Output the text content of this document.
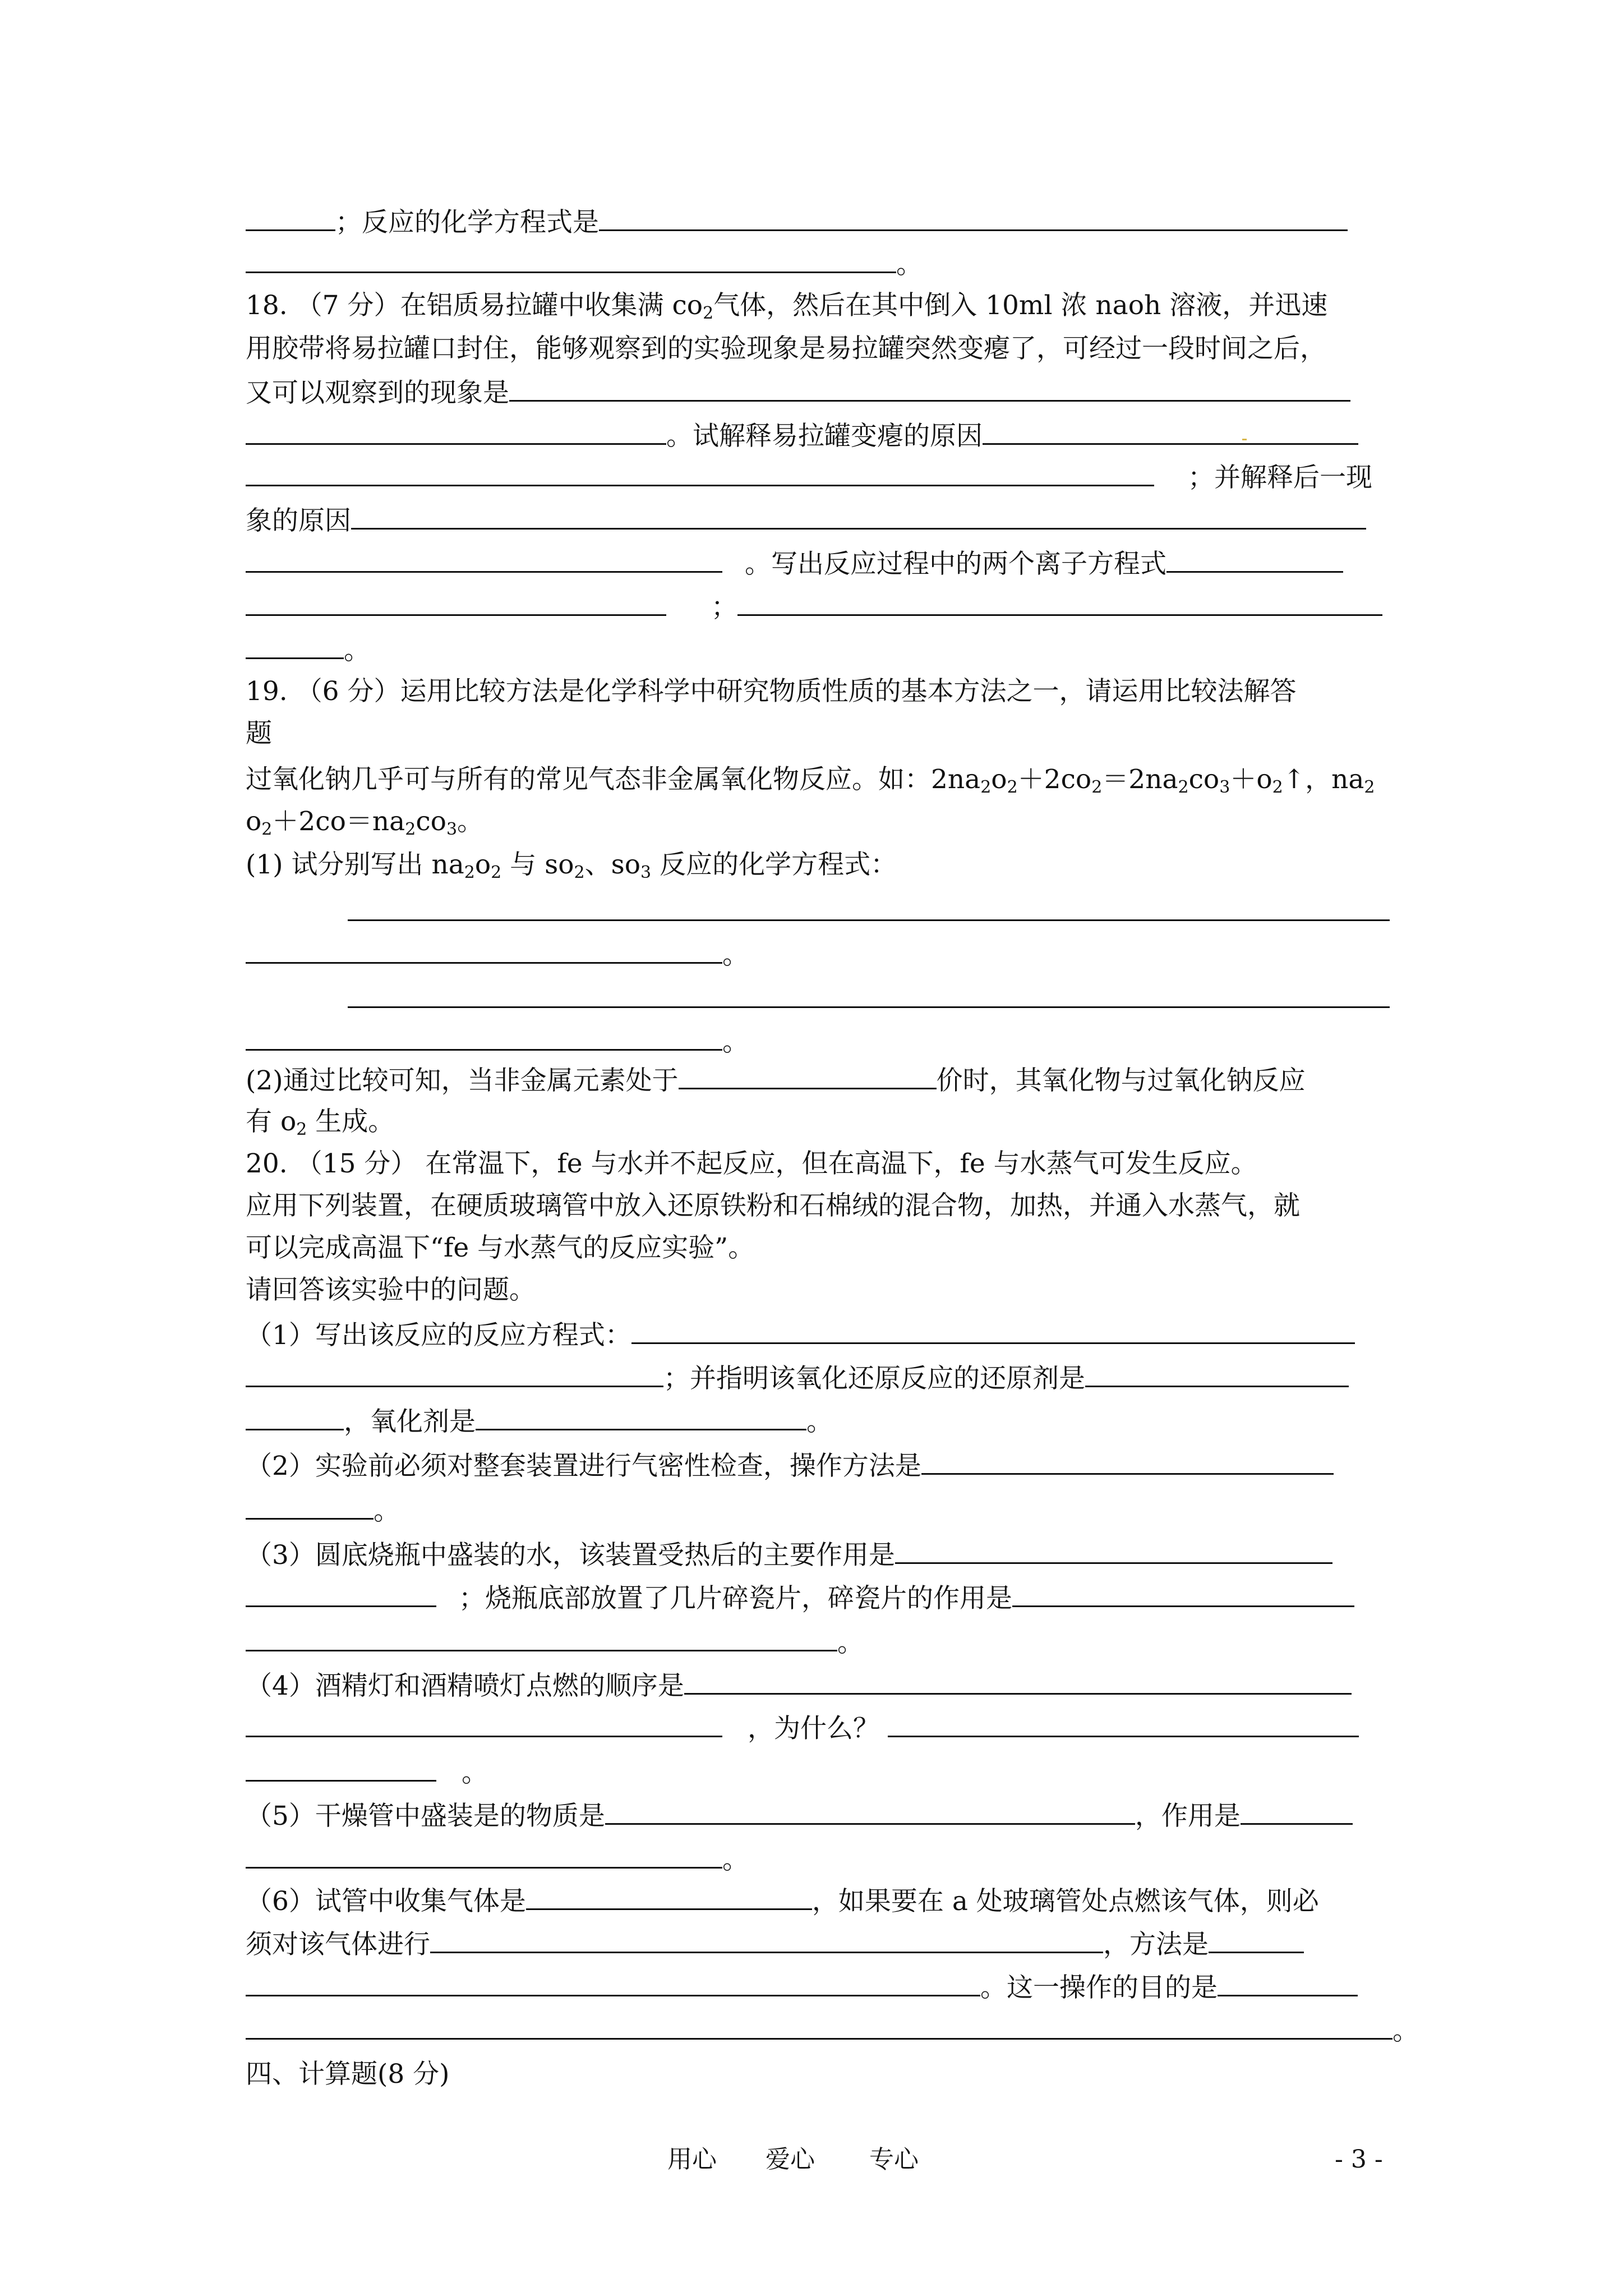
；反应的化学方程式是
。
18. （7 分）在铝质易拉罐中收集满 $co_2$气体，然后在其中倒入 10ml 浓 naoh 溶液，并迅速
用胶带将易拉罐口封住，能够观察到的实验现象是易拉罐突然变瘪了，可经过一段时间之后，
又可以观察到的现象是
。试解释易拉罐变瘪的原因
；并解释后一现
象的原因
。写出反应过程中的两个离子方程式
；
。
19. （6 分）运用比较方法是化学科学中研究物质性质的基本方法之一，请运用比较法解答
题
过氧化钠几乎可与所有的常见气态非金属氧化物反应。如：$2na_2o_2+2co_2=2na_2co_3+o_2↑$，$na_2$
$o_2+2co=na_2co_3$。
(1) 试分别写出 $na_2o_2$ 与 $so_2$、$so_3$ 反应的化学方程式：
。
。
(2)通过比较可知，当非金属元素处于	价时，其氧化物与过氧化钠反应
有 $o_2$ 生成。
20. （15 分） 在常温下，fe 与水并不起反应，但在高温下，fe 与水蒸气可发生反应。
应用下列装置，在硬质玻璃管中放入还原铁粉和石棉绒的混合物，加热，并通入水蒸气，就
可以完成高温下“fe 与水蒸气的反应实验”。
请回答该实验中的问题。
（1）写出该反应的反应方程式：
；并指明该氧化还原反应的还原剂是
，氧化剂是	。
（2）实验前必须对整套装置进行气密性检查，操作方法是
。
（3）圆底烧瓶中盛装的水，该装置受热后的主要作用是
；烧瓶底部放置了几片碎瓷片，碎瓷片的作用是
。
（4）酒精灯和酒精喷灯点燃的顺序是
，为什么？
。
（5）干燥管中盛装是的物质是	，作用是
。
（6）试管中收集气体是	，如果要在 a 处玻璃管处点燃该气体，则必
须对该气体进行	，方法是
。这一操作的目的是
。
四、计算题(8 分)
用心 爱心 专心	- 3 -
